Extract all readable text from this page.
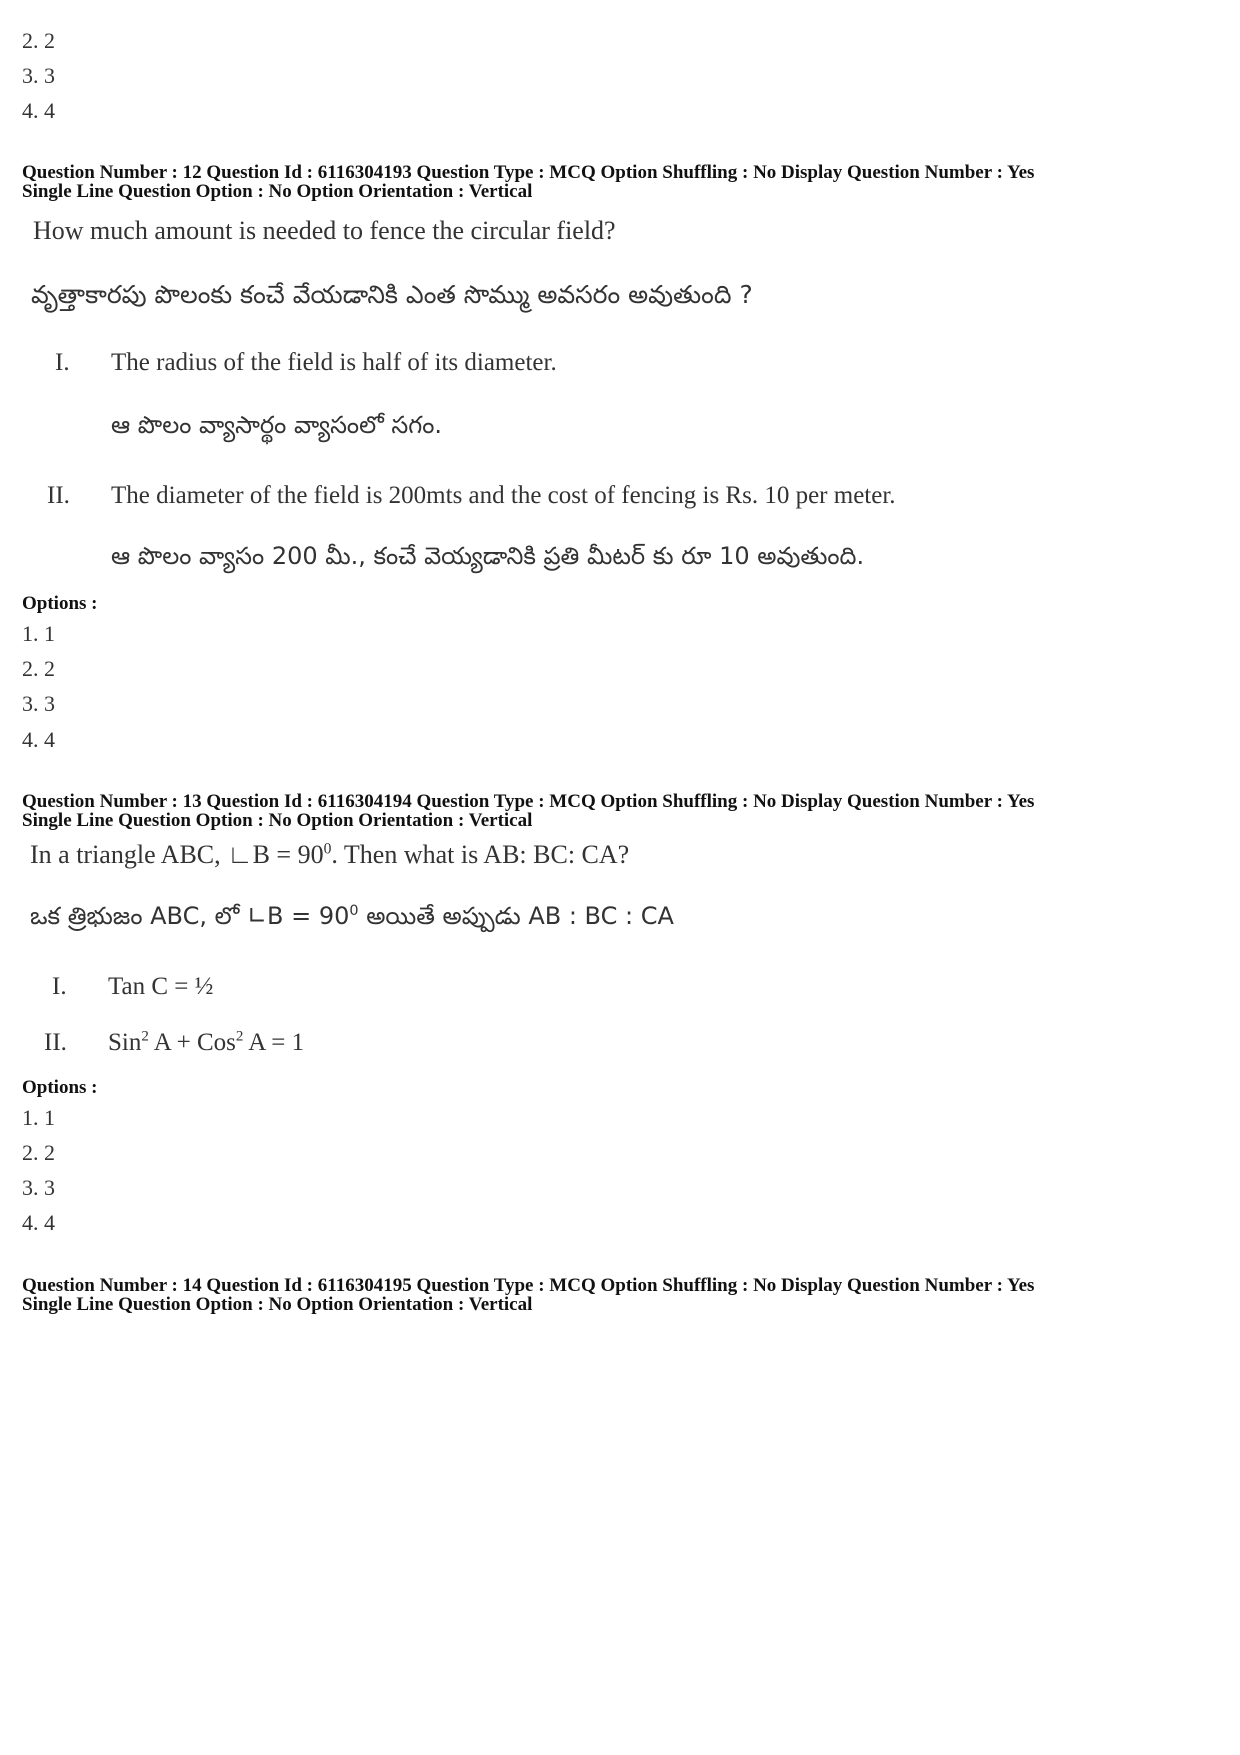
2. 2
3. 3
4. 4
Question Number : 12 Question Id : 6116304193 Question Type : MCQ Option Shuffling : No Display Question Number : Yes
Single Line Question Option : No Option Orientation : Vertical
How much amount is needed to fence the circular field?
వృత్తాకారపు పొలంకు కంచే వేయడానికి ఎంత సొమ్ము అవసరం అవుతుంది ?
I. The radius of the field is half of its diameter.
ఆ పొలం వ్యాసార్థం వ్యాసంలో సగం.
II. The diameter of the field is 200mts and the cost of fencing is Rs. 10 per meter.
ఆ పొలం వ్యాసం 200 మీ., కంచే వెయ్యడానికి ప్రతి మీటర్ కు రూ 10 అవుతుంది.
Options :
1. 1
2. 2
3. 3
4. 4
Question Number : 13 Question Id : 6116304194 Question Type : MCQ Option Shuffling : No Display Question Number : Yes
Single Line Question Option : No Option Orientation : Vertical
In a triangle ABC, ∟B = $90^0$. Then what is AB: BC: CA?
ఒక త్రిభుజం ABC, లో ∟B = $90^0$ అయితే అప్పుడు AB : BC : CA
I. Tan C = ½
II. Sin$^2$ A + Cos$^2$ A = 1
Options :
1. 1
2. 2
3. 3
4. 4
Question Number : 14 Question Id : 6116304195 Question Type : MCQ Option Shuffling : No Display Question Number : Yes
Single Line Question Option : No Option Orientation : Vertical
